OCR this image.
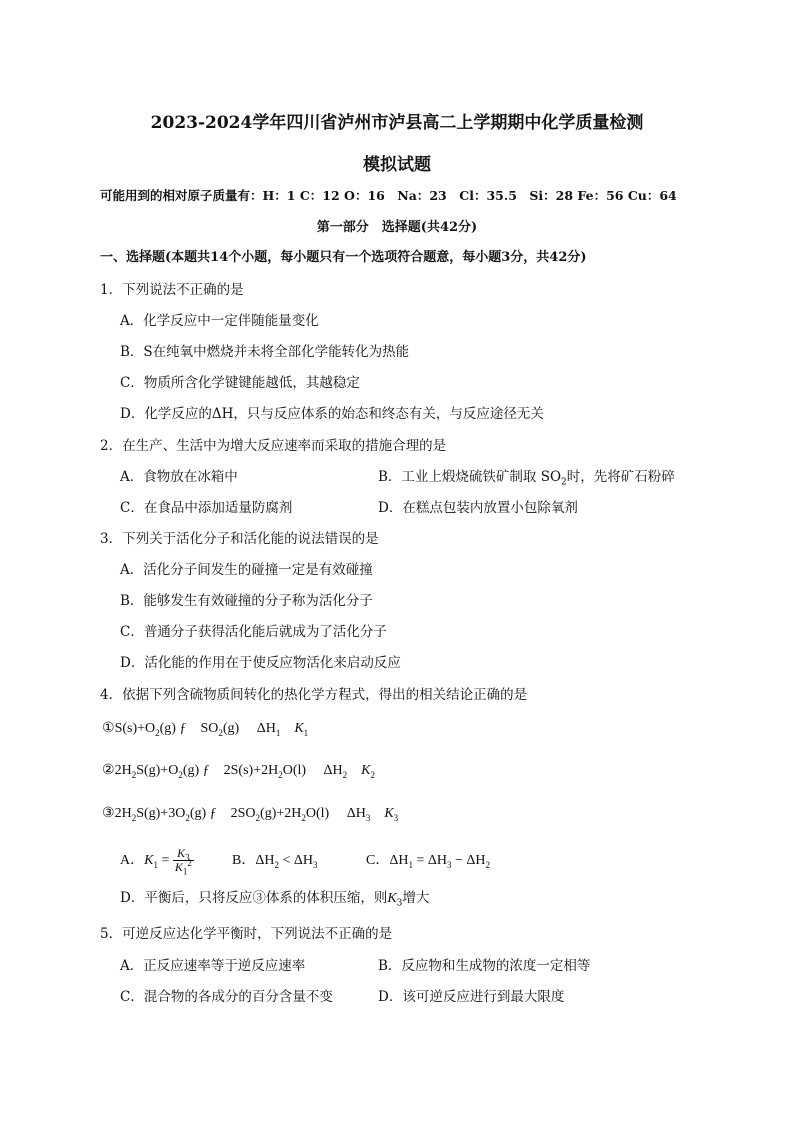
2023-2024学年四川省泸州市泸县高二上学期期中化学质量检测
模拟试题
可能用到的相对原子质量有：H：1 C：12 O：16　Na：23　Cl：35.5　Si：28 Fe：56 Cu：64
第一部分　选择题(共42分)
一、选择题(本题共14个小题，每小题只有一个选项符合题意，每小题3分，共42分)
1．下列说法不正确的是
A．化学反应中一定伴随能量变化
B．S在纯氧中燃烧并未将全部化学能转化为热能
C．物质所含化学键键能越低，其越稳定
D．化学反应的ΔH，只与反应体系的始态和终态有关，与反应途径无关
2．在生产、生活中为增大反应速率而采取的措施合理的是
A．食物放在冰箱中	B．工业上煅烧硫铁矿制取 $SO_2$时，先将矿石粉碎
C．在食品中添加适量防腐剂	D．在糕点包装内放置小包除氧剂
3．下列关于活化分子和活化能的说法错误的是
A．活化分子间发生的碰撞一定是有效碰撞
B．能够发生有效碰撞的分子称为活化分子
C．普通分子获得活化能后就成为了活化分子
D．活化能的作用在于使反应物活化来启动反应
4．依据下列含硫物质间转化的热化学方程式，得出的相关结论正确的是
$①S(s)+O_2(g)$ ƒ　$SO_2(g)$　 $\Delta H_1$ $K_1$
$②2H_2S(g)+O_2(g)$ ƒ　$2S(s)+2H_2O(l)$　 $\Delta H_2$ $K_2$
$③2H_2S(g)+3O_2(g)$ ƒ　$2SO_2(g)+2H_2O(l)$　 $\Delta H_3$ $K_3$
A．$K_1 = \frac{K_3}{K_1^2}$	B．$\Delta H_2 < \Delta H_3$	C．$\Delta H_1 = \Delta H_3 - \Delta H_2$
D．平衡后，只将反应③体系的体积压缩，则$K_3$增大
5．可逆反应达化学平衡时，下列说法不正确的是
A．正反应速率等于逆反应速率	B．反应物和生成物的浓度一定相等
C．混合物的各成分的百分含量不变	D．该可逆反应进行到最大限度
